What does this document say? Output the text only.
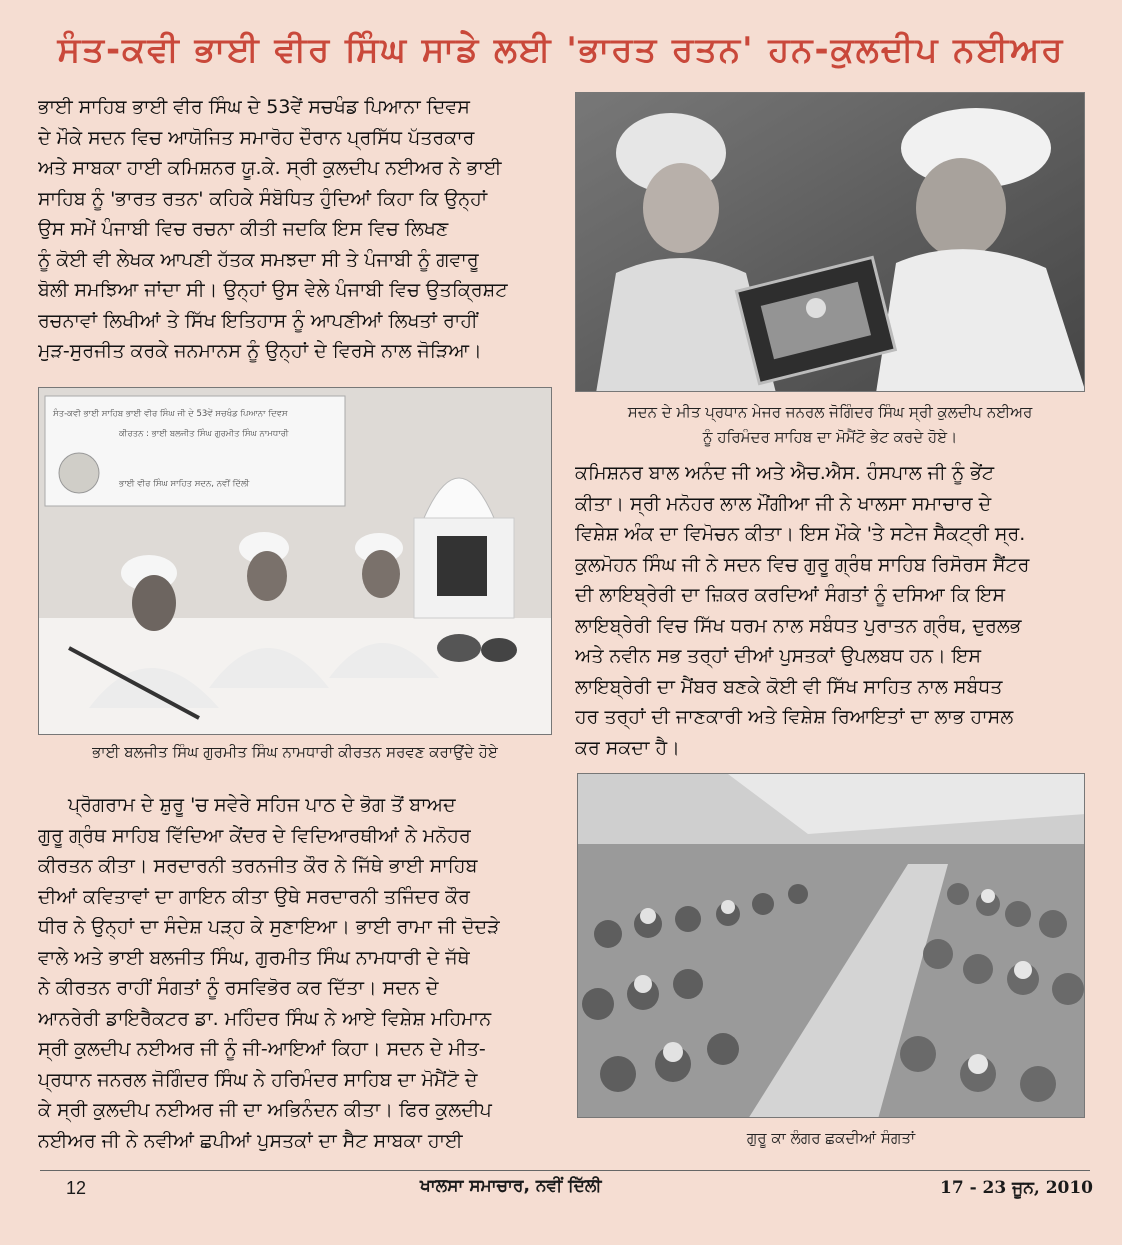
ਸੰਤ-ਕਵੀ ਭਾਈ ਵੀਰ ਸਿੰਘ ਸਾਡੇ ਲਈ 'ਭਾਰਤ ਰਤਨ' ਹਨ-ਕੁਲਦੀਪ ਨਈਅਰ
ਭਾਈ ਸਾਹਿਬ ਭਾਈ ਵੀਰ ਸਿੰਘ ਦੇ 53ਵੇਂ ਸਚਖੰਡ ਪਿਆਨਾ ਦਿਵਸ
ਦੇ ਮੌਕੇ ਸਦਨ ਵਿਚ ਆਯੋਜਿਤ ਸਮਾਰੋਹ ਦੌਰਾਨ ਪ੍ਰਸਿੱਧ ਪੱਤਰਕਾਰ
ਅਤੇ ਸਾਬਕਾ ਹਾਈ ਕਮਿਸ਼ਨਰ ਯੂ.ਕੇ. ਸ੍ਰੀ ਕੁਲਦੀਪ ਨਈਅਰ ਨੇ ਭਾਈ
ਸਾਹਿਬ ਨੂੰ 'ਭਾਰਤ ਰਤਨ' ਕਹਿਕੇ ਸੰਬੋਧਿਤ ਹੁੰਦਿਆਂ ਕਿਹਾ ਕਿ ਉਨ੍ਹਾਂ
ਉਸ ਸਮੇਂ ਪੰਜਾਬੀ ਵਿਚ ਰਚਨਾ ਕੀਤੀ ਜਦਕਿ ਇਸ ਵਿਚ ਲਿਖਣ
ਨੂੰ ਕੋਈ ਵੀ ਲੇਖਕ ਆਪਣੀ ਹੱਤਕ ਸਮਝਦਾ ਸੀ ਤੇ ਪੰਜਾਬੀ ਨੂੰ ਗਵਾਰੂ
ਬੋਲੀ ਸਮਝਿਆ ਜਾਂਦਾ ਸੀ। ਉਨ੍ਹਾਂ ਉਸ ਵੇਲੇ ਪੰਜਾਬੀ ਵਿਚ ਉਤਕ੍ਰਿਸ਼ਟ
ਰਚਨਾਵਾਂ ਲਿਖੀਆਂ ਤੇ ਸਿੱਖ ਇਤਿਹਾਸ ਨੂੰ ਆਪਣੀਆਂ ਲਿਖਤਾਂ ਰਾਹੀਂ
ਮੁੜ-ਸੁਰਜੀਤ ਕਰਕੇ ਜਨਮਾਨਸ ਨੂੰ ਉਨ੍ਹਾਂ ਦੇ ਵਿਰਸੇ ਨਾਲ ਜੋੜਿਆ।
ਸਦਨ ਦੇ ਮੀਤ ਪ੍ਰਧਾਨ ਮੇਜਰ ਜਨਰਲ ਜੋਗਿੰਦਰ ਸਿੰਘ ਸ੍ਰੀ ਕੁਲਦੀਪ ਨਈਅਰ
ਨੂੰ ਹਰਿਮੰਦਰ ਸਾਹਿਬ ਦਾ ਮੋਮੈਂਟੋ ਭੇਟ ਕਰਦੇ ਹੋਏ।
ਸੰਤ-ਕਵੀ ਭਾਈ ਸਾਹਿਬ ਭਾਈ ਵੀਰ ਸਿੰਘ ਜੀ ਦੇ 53ਵੇਂ ਸਚਖੰਡ ਪਿਆਨਾ ਦਿਵਸ
ਕੀਰਤਨ : ਭਾਈ ਬਲਜੀਤ ਸਿੰਘ ਗੁਰਮੀਤ ਸਿੰਘ ਨਾਮਧਾਰੀ
ਭਾਈ ਵੀਰ ਸਿੰਘ ਸਾਹਿਤ ਸਦਨ, ਨਵੀਂ ਦਿੱਲੀ
ਭਾਈ ਬਲਜੀਤ ਸਿੰਘ ਗੁਰਮੀਤ ਸਿੰਘ ਨਾਮਧਾਰੀ ਕੀਰਤਨ ਸਰਵਣ ਕਰਾਉਂਦੇ ਹੋਏ
ਕਮਿਸ਼ਨਰ ਬਾਲ ਅਨੰਦ ਜੀ ਅਤੇ ਐਚ.ਐਸ. ਹੰਸਪਾਲ ਜੀ ਨੂੰ ਭੇਂਟ
ਕੀਤਾ। ਸ੍ਰੀ ਮਨੋਹਰ ਲਾਲ ਮੌਂਗੀਆ ਜੀ ਨੇ ਖਾਲਸਾ ਸਮਾਚਾਰ ਦੇ
ਵਿਸ਼ੇਸ਼ ਅੰਕ ਦਾ ਵਿਮੋਚਨ ਕੀਤਾ। ਇਸ ਮੌਕੇ 'ਤੇ ਸਟੇਜ ਸੈਕਟ੍ਰੀ ਸ੍ਰ.
ਕੁਲਮੋਹਨ ਸਿੰਘ ਜੀ ਨੇ ਸਦਨ ਵਿਚ ਗੁਰੂ ਗ੍ਰੰਥ ਸਾਹਿਬ ਰਿਸੋਰਸ ਸੈਂਟਰ
ਦੀ ਲਾਇਬ੍ਰੇਰੀ ਦਾ ਜ਼ਿਕਰ ਕਰਦਿਆਂ ਸੰਗਤਾਂ ਨੂੰ ਦਸਿਆ ਕਿ ਇਸ
ਲਾਇਬ੍ਰੇਰੀ ਵਿਚ ਸਿੱਖ ਧਰਮ ਨਾਲ ਸਬੰਧਤ ਪੁਰਾਤਨ ਗ੍ਰੰਥ, ਦੁਰਲਭ
ਅਤੇ ਨਵੀਨ ਸਭ ਤਰ੍ਹਾਂ ਦੀਆਂ ਪੁਸਤਕਾਂ ਉਪਲਬਧ ਹਨ। ਇਸ
ਲਾਇਬ੍ਰੇਰੀ ਦਾ ਮੈਂਬਰ ਬਣਕੇ ਕੋਈ ਵੀ ਸਿੱਖ ਸਾਹਿਤ ਨਾਲ ਸਬੰਧਤ
ਹਰ ਤਰ੍ਹਾਂ ਦੀ ਜਾਣਕਾਰੀ ਅਤੇ ਵਿਸ਼ੇਸ਼ ਰਿਆਇਤਾਂ ਦਾ ਲਾਭ ਹਾਸਲ
ਕਰ ਸਕਦਾ ਹੈ।
ਪ੍ਰੋਗਰਾਮ ਦੇ ਸ਼ੁਰੂ 'ਚ ਸਵੇਰੇ ਸਹਿਜ ਪਾਠ ਦੇ ਭੋਗ ਤੋਂ ਬਾਅਦ
ਗੁਰੂ ਗ੍ਰੰਥ ਸਾਹਿਬ ਵਿੱਦਿਆ ਕੇਂਦਰ ਦੇ ਵਿਦਿਆਰਥੀਆਂ ਨੇ ਮਨੋਹਰ
ਕੀਰਤਨ ਕੀਤਾ। ਸਰਦਾਰਨੀ ਤਰਨਜੀਤ ਕੌਰ ਨੇ ਜਿੱਥੇ ਭਾਈ ਸਾਹਿਬ
ਦੀਆਂ ਕਵਿਤਾਵਾਂ ਦਾ ਗਾਇਨ ਕੀਤਾ ਉਥੇ ਸਰਦਾਰਨੀ ਤਜਿੰਦਰ ਕੌਰ
ਧੀਰ ਨੇ ਉਨ੍ਹਾਂ ਦਾ ਸੰਦੇਸ਼ ਪੜ੍ਹ ਕੇ ਸੁਣਾਇਆ। ਭਾਈ ਰਾਮਾ ਜੀ ਦੋਦੜੇ
ਵਾਲੇ ਅਤੇ ਭਾਈ ਬਲਜੀਤ ਸਿੰਘ, ਗੁਰਮੀਤ ਸਿੰਘ ਨਾਮਧਾਰੀ ਦੇ ਜੱਥੇ
ਨੇ ਕੀਰਤਨ ਰਾਹੀਂ ਸੰਗਤਾਂ ਨੂੰ ਰਸਵਿਭੋਰ ਕਰ ਦਿੱਤਾ। ਸਦਨ ਦੇ
ਆਨਰੇਰੀ ਡਾਇਰੈਕਟਰ ਡਾ. ਮਹਿੰਦਰ ਸਿੰਘ ਨੇ ਆਏ ਵਿਸ਼ੇਸ਼ ਮਹਿਮਾਨ
ਸ੍ਰੀ ਕੁਲਦੀਪ ਨਈਅਰ ਜੀ ਨੂੰ ਜੀ-ਆਇਆਂ ਕਿਹਾ। ਸਦਨ ਦੇ ਮੀਤ-
ਪ੍ਰਧਾਨ ਜਨਰਲ ਜੋਗਿੰਦਰ ਸਿੰਘ ਨੇ ਹਰਿਮੰਦਰ ਸਾਹਿਬ ਦਾ ਮੋਮੈਂਟੋ ਦੇ
ਕੇ ਸ੍ਰੀ ਕੁਲਦੀਪ ਨਈਅਰ ਜੀ ਦਾ ਅਭਿਨੰਦਨ ਕੀਤਾ। ਫਿਰ ਕੁਲਦੀਪ
ਨਈਅਰ ਜੀ ਨੇ ਨਵੀਆਂ ਛਪੀਆਂ ਪੁਸਤਕਾਂ ਦਾ ਸੈਟ ਸਾਬਕਾ ਹਾਈ	ਗੁਰੂ ਕਾ ਲੰਗਰ ਛਕਦੀਆਂ ਸੰਗਤਾਂ
12	ਖਾਲਸਾ ਸਮਾਚਾਰ, ਨਵੀਂ ਦਿੱਲੀ	17 - 23 ਜੂਨ, 2010
